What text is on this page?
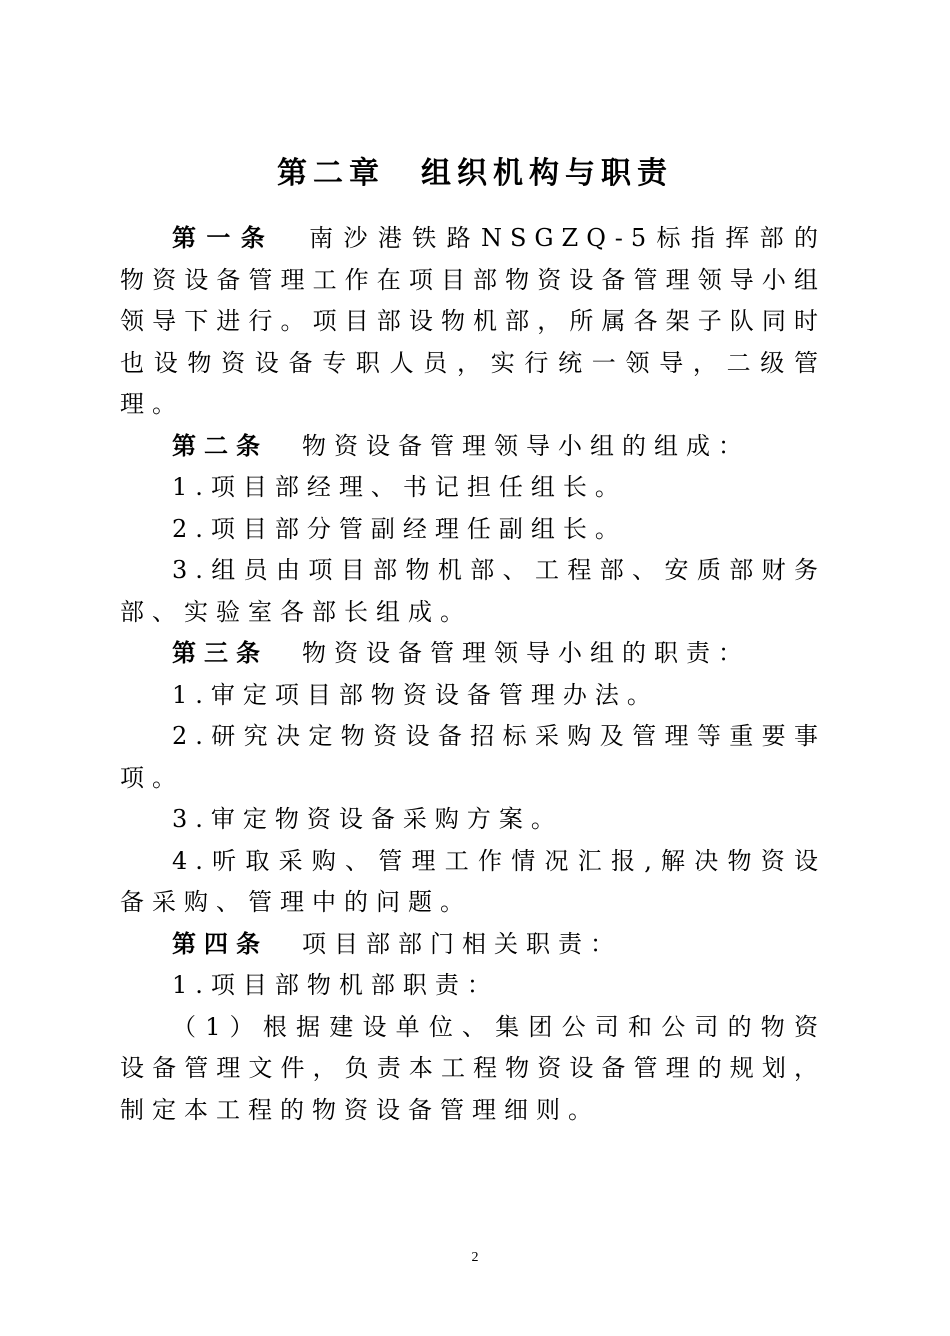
第二章　组织机构与职责

第一条 南沙港铁路NSGZQ-5标指挥部的物资设备管理工作在项目部物资设备管理领导小组领导下进行。项目部设物机部，所属各架子队同时也设物资设备专职人员，实行统一领导，二级管理。

第二条 物资设备管理领导小组的组成：

1.项目部经理、书记担任组长。

2.项目部分管副经理任副组长。

3.组员由项目部物机部、工程部、安质部财务部、实验室各部长组成。

第三条 物资设备管理领导小组的职责：

1.审定项目部物资设备管理办法。

2.研究决定物资设备招标采购及管理等重要事项。

3.审定物资设备采购方案。

4.听取采购、管理工作情况汇报,解决物资设备采购、管理中的问题。

第四条 项目部部门相关职责：

1.项目部物机部职责：

（1）根据建设单位、集团公司和公司的物资设备管理文件，负责本工程物资设备管理的规划，制定本工程的物资设备管理细则。

2
